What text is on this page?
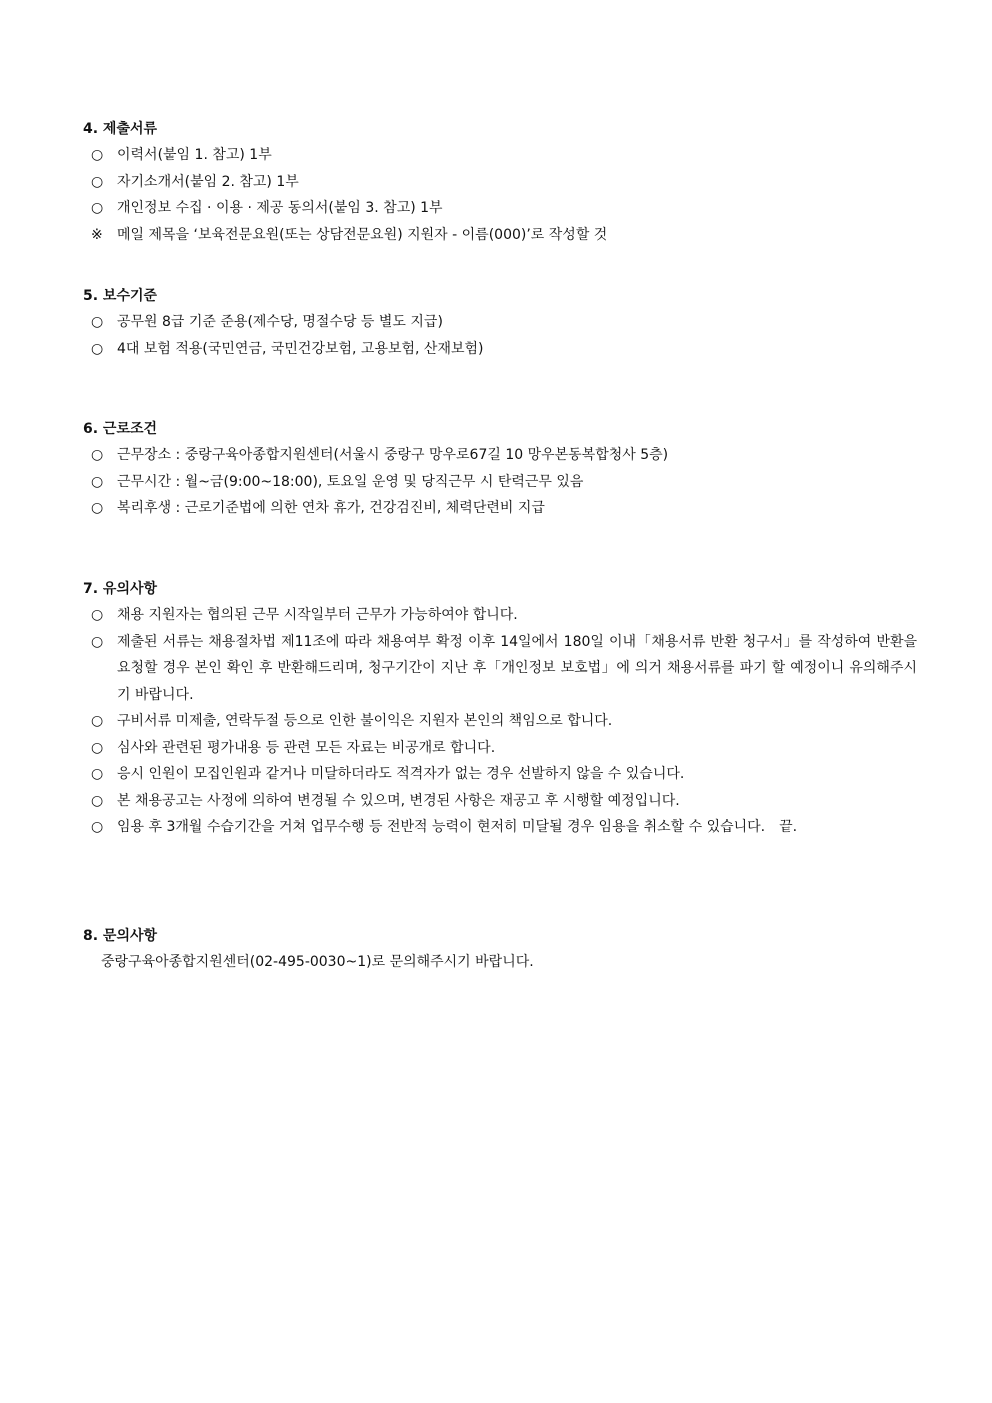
4. 제출서류
○ 이력서(붙임 1. 참고) 1부
○ 자기소개서(붙임 2. 참고) 1부
○ 개인정보 수집 · 이용 · 제공 동의서(붙임 3. 참고) 1부
※ 메일 제목을 ‘보육전문요원(또는 상담전문요원) 지원자 - 이름(000)’로 작성할 것
5. 보수기준
○ 공무원 8급 기준 준용(제수당, 명절수당 등 별도 지급)
○ 4대 보험 적용(국민연금, 국민건강보험, 고용보험, 산재보험)
6. 근로조건
○ 근무장소 : 중랑구육아종합지원센터(서울시 중랑구 망우로67길 10 망우본동복합청사 5층)
○ 근무시간 : 월~금(9:00~18:00), 토요일 운영 및 당직근무 시 탄력근무 있음
○ 복리후생 : 근로기준법에 의한 연차 휴가, 건강검진비, 체력단련비 지급
7. 유의사항
○ 채용 지원자는 협의된 근무 시작일부터 근무가 가능하여야 합니다.
○ 제출된 서류는 채용절차법 제11조에 따라 채용여부 확정 이후 14일에서 180일 이내「채용서류 반환 청구서」를 작성하여 반환을 요청할 경우 본인 확인 후 반환해드리며, 청구기간이 지난 후「개인정보 보호법」에 의거 채용서류를 파기 할 예정이니 유의해주시기 바랍니다.
○ 구비서류 미제출, 연락두절 등으로 인한 불이익은 지원자 본인의 책임으로 합니다.
○ 심사와 관련된 평가내용 등 관련 모든 자료는 비공개로 합니다.
○ 응시 인원이 모집인원과 같거나 미달하더라도 적격자가 없는 경우 선발하지 않을 수 있습니다.
○ 본 채용공고는 사정에 의하여 변경될 수 있으며, 변경된 사항은 재공고 후 시행할 예정입니다.
○ 임용 후 3개월 수습기간을 거쳐 업무수행 등 전반적 능력이 현저히 미달될 경우 임용을 취소할 수 있습니다. 끝.
8. 문의사항
중랑구육아종합지원센터(02-495-0030~1)로 문의해주시기 바랍니다.
